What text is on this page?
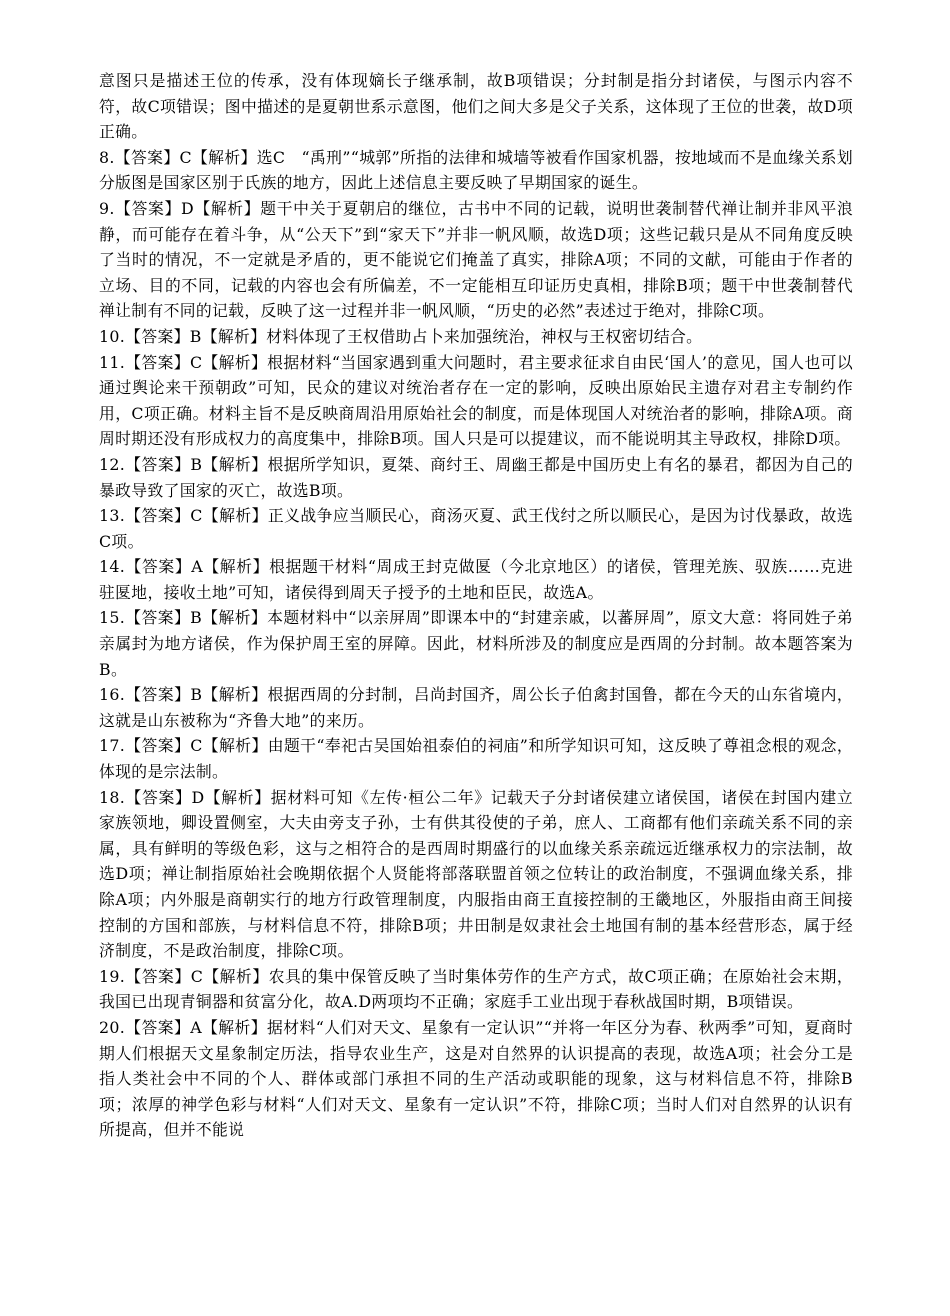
意图只是描述王位的传承，没有体现嫡长子继承制，故B项错误；分封制是指分封诸侯，与图示内容不符，故C项错误；图中描述的是夏朝世系示意图，他们之间大多是父子关系，这体现了王位的世袭，故D项正确。

8.【答案】C【解析】选C　“禹刑”“城郭”所指的法律和城墙等被看作国家机器，按地域而不是血缘关系划分版图是国家区别于氏族的地方，因此上述信息主要反映了早期国家的诞生。

9.【答案】D【解析】题干中关于夏朝启的继位，古书中不同的记载，说明世袭制替代禅让制并非风平浪静，而可能存在着斗争，从“公天下”到“家天下”并非一帆风顺，故选D项；这些记载只是从不同角度反映了当时的情况，不一定就是矛盾的，更不能说它们掩盖了真实，排除A项；不同的文献，可能由于作者的立场、目的不同，记载的内容也会有所偏差，不一定能相互印证历史真相，排除B项；题干中世袭制替代禅让制有不同的记载，反映了这一过程并非一帆风顺，“历史的必然”表述过于绝对，排除C项。

10.【答案】B【解析】材料体现了王权借助占卜来加强统治，神权与王权密切结合。

11.【答案】C【解析】根据材料“当国家遇到重大问题时，君主要求征求自由民‘国人’的意见，国人也可以通过舆论来干预朝政”可知，民众的建议对统治者存在一定的影响，反映出原始民主遗存对君主专制约作用，C项正确。材料主旨不是反映商周沿用原始社会的制度，而是体现国人对统治者的影响，排除A项。商周时期还没有形成权力的高度集中，排除B项。国人只是可以提建议，而不能说明其主导政权，排除D项。

12.【答案】B【解析】根据所学知识，夏桀、商纣王、周幽王都是中国历史上有名的暴君，都因为自己的暴政导致了国家的灭亡，故选B项。

13.【答案】C【解析】正义战争应当顺民心，商汤灭夏、武王伐纣之所以顺民心，是因为讨伐暴政，故选C项。

14.【答案】A【解析】根据题干材料“周成王封克做匽（今北京地区）的诸侯，管理羌族、驭族……克进驻匽地，接收土地”可知，诸侯得到周天子授予的土地和臣民，故选A。

15.【答案】B【解析】本题材料中“以亲屏周”即课本中的“封建亲戚，以蕃屏周”，原文大意：将同姓子弟亲属封为地方诸侯，作为保护周王室的屏障。因此，材料所涉及的制度应是西周的分封制。故本题答案为B。

16.【答案】B【解析】根据西周的分封制，吕尚封国齐，周公长子伯禽封国鲁，都在今天的山东省境内，这就是山东被称为“齐鲁大地”的来历。

17.【答案】C【解析】由题干“奉祀古吴国始祖泰伯的祠庙”和所学知识可知，这反映了尊祖念根的观念，体现的是宗法制。

18.【答案】D【解析】据材料可知《左传·桓公二年》记载天子分封诸侯建立诸侯国，诸侯在封国内建立家族领地，卿设置侧室，大夫由旁支子孙，士有供其役使的子弟，庶人、工商都有他们亲疏关系不同的亲属，具有鲜明的等级色彩，这与之相符合的是西周时期盛行的以血缘关系亲疏远近继承权力的宗法制，故选D项；禅让制指原始社会晚期依据个人贤能将部落联盟首领之位转让的政治制度，不强调血缘关系，排除A项；内外服是商朝实行的地方行政管理制度，内服指由商王直接控制的王畿地区，外服指由商王间接控制的方国和部族，与材料信息不符，排除B项；井田制是奴隶社会土地国有制的基本经营形态，属于经济制度，不是政治制度，排除C项。

19.【答案】C【解析】农具的集中保管反映了当时集体劳作的生产方式，故C项正确；在原始社会末期，我国已出现青铜器和贫富分化，故A.D两项均不正确；家庭手工业出现于春秋战国时期，B项错误。

20.【答案】A【解析】据材料“人们对天文、星象有一定认识”“并将一年区分为春、秋两季”可知，夏商时期人们根据天文星象制定历法，指导农业生产，这是对自然界的认识提高的表现，故选A项；社会分工是指人类社会中不同的个人、群体或部门承担不同的生产活动或职能的现象，这与材料信息不符，排除B项；浓厚的神学色彩与材料“人们对天文、星象有一定认识”不符，排除C项；当时人们对自然界的认识有所提高，但并不能说
